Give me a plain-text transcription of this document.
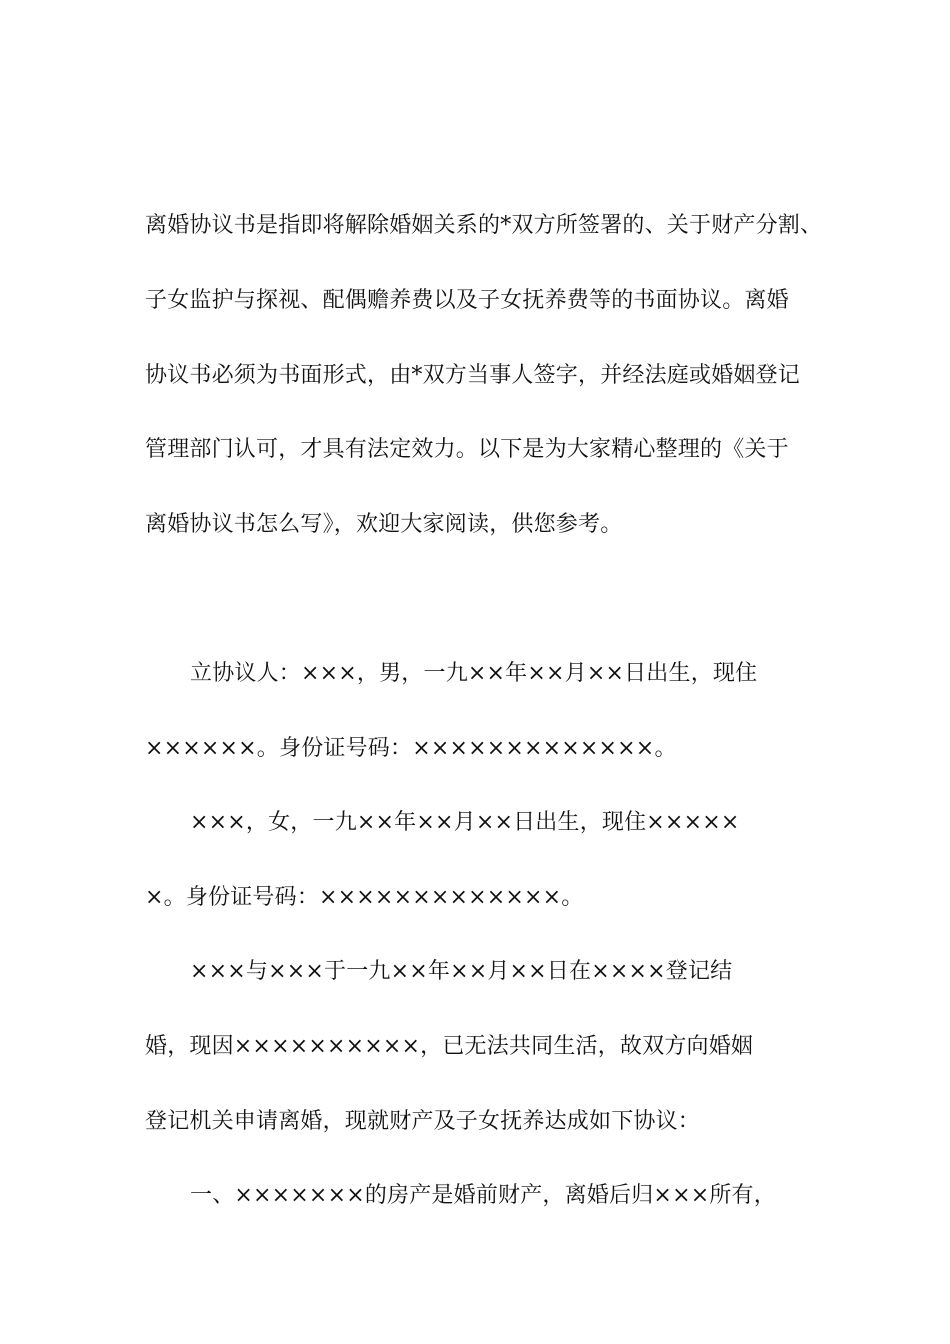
离婚协议书是指即将解除婚姻关系的*双方所签署的、关于财产分割、
子女监护与探视、配偶赡养费以及子女抚养费等的书面协议。离婚
协议书必须为书面形式，由*双方当事人签字，并经法庭或婚姻登记
管理部门认可，才具有法定效力。以下是为大家精心整理的《关于
离婚协议书怎么写》，欢迎大家阅读，供您参考。
立协议人：×××，男，一九××年××月××日出生，现住
××××××。身份证号码：×××××××××××××。
×××，女，一九××年××月××日出生，现住×××××
×。身份证号码：×××××××××××××。
×××与×××于一九××年××月××日在××××登记结
婚，现因××××××××××，已无法共同生活，故双方向婚姻
登记机关申请离婚，现就财产及子女抚养达成如下协议：
一、×××××××的房产是婚前财产，离婚后归×××所有，
